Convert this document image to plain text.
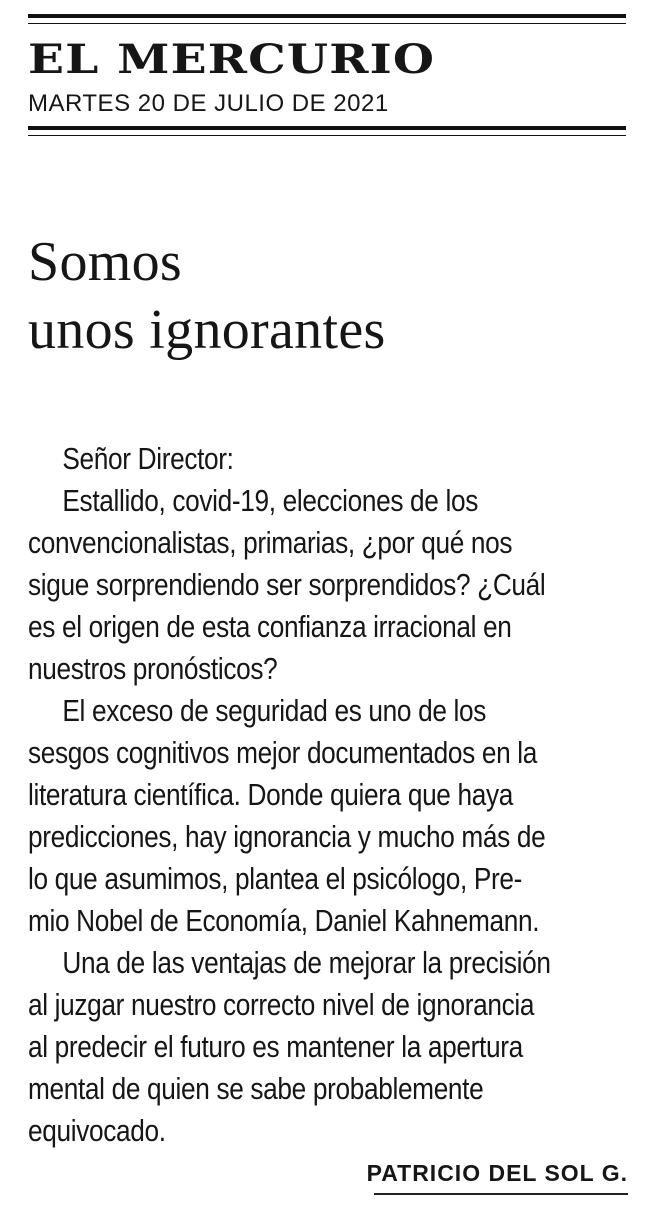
EL MERCURIO
MARTES 20 DE JULIO DE 2021
Somos
unos ignorantes
Señor Director:
Estallido, covid-19, elecciones de los
convencionalistas, primarias, ¿por qué nos
sigue sorprendiendo ser sorprendidos? ¿Cuál
es el origen de esta confianza irracional en
nuestros pronósticos?
El exceso de seguridad es uno de los
sesgos cognitivos mejor documentados en la
literatura científica. Donde quiera que haya
predicciones, hay ignorancia y mucho más de
lo que asumimos, plantea el psicólogo, Pre-
mio Nobel de Economía, Daniel Kahnemann.
Una de las ventajas de mejorar la precisión
al juzgar nuestro correcto nivel de ignorancia
al predecir el futuro es mantener la apertura
mental de quien se sabe probablemente
equivocado.
PATRICIO DEL SOL G.
